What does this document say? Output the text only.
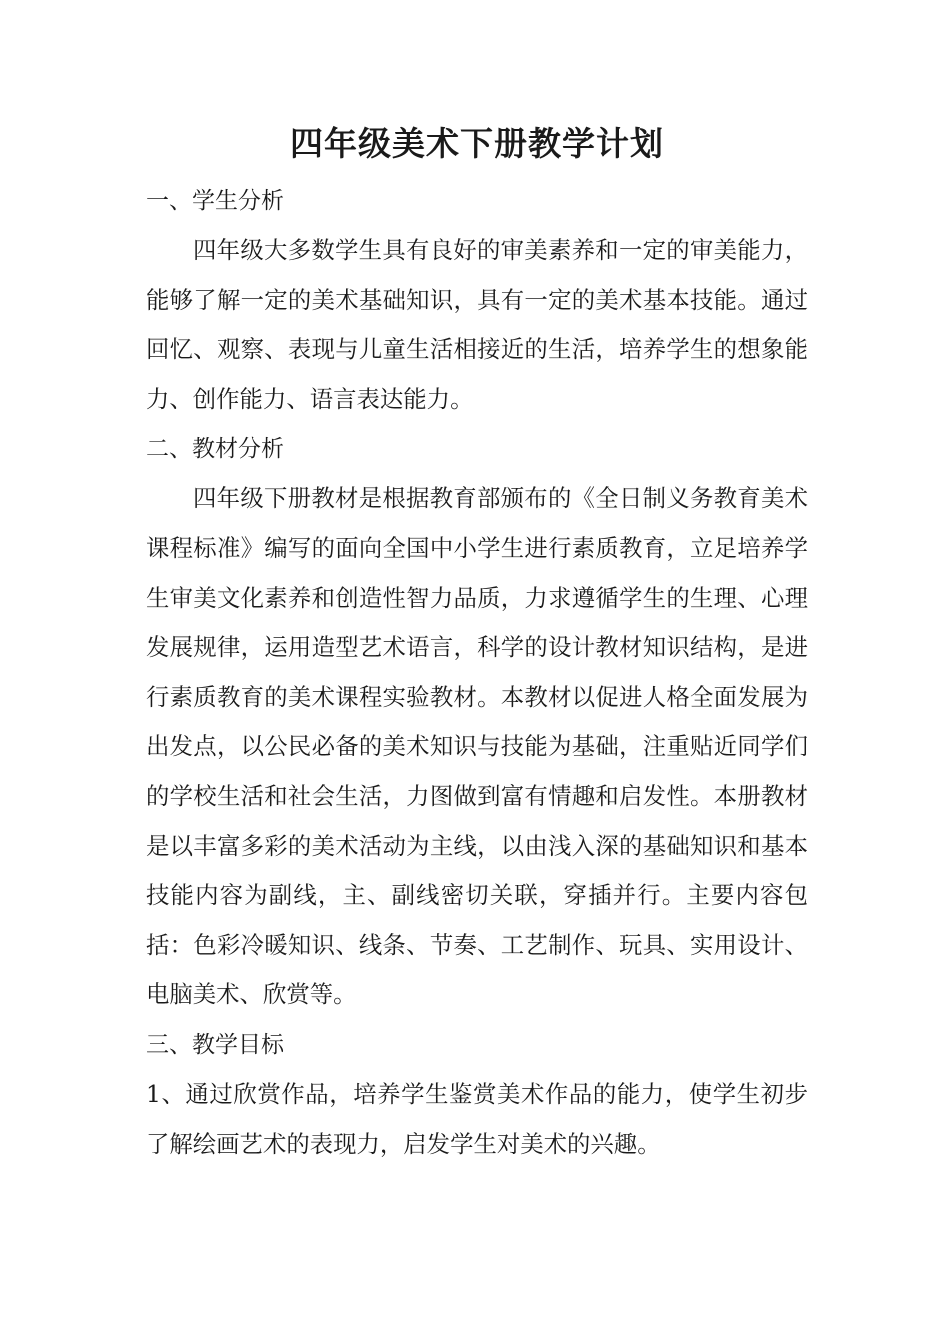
四年级美术下册教学计划
一、学生分析

四年级大多数学生具有良好的审美素养和一定的审美能力，能够了解一定的美术基础知识，具有一定的美术基本技能。通过回忆、观察、表现与儿童生活相接近的生活，培养学生的想象能力、创作能力、语言表达能力。

二、教材分析

四年级下册教材是根据教育部颁布的《全日制义务教育美术课程标准》编写的面向全国中小学生进行素质教育，立足培养学生审美文化素养和创造性智力品质，力求遵循学生的生理、心理发展规律，运用造型艺术语言，科学的设计教材知识结构，是进行素质教育的美术课程实验教材。本教材以促进人格全面发展为出发点，以公民必备的美术知识与技能为基础，注重贴近同学们的学校生活和社会生活，力图做到富有情趣和启发性。本册教材是以丰富多彩的美术活动为主线，以由浅入深的基础知识和基本技能内容为副线，主、副线密切关联，穿插并行。主要内容包括：色彩冷暖知识、线条、节奏、工艺制作、玩具、实用设计、电脑美术、欣赏等。

三、教学目标

1、通过欣赏作品，培养学生鉴赏美术作品的能力，使学生初步了解绘画艺术的表现力，启发学生对美术的兴趣。
